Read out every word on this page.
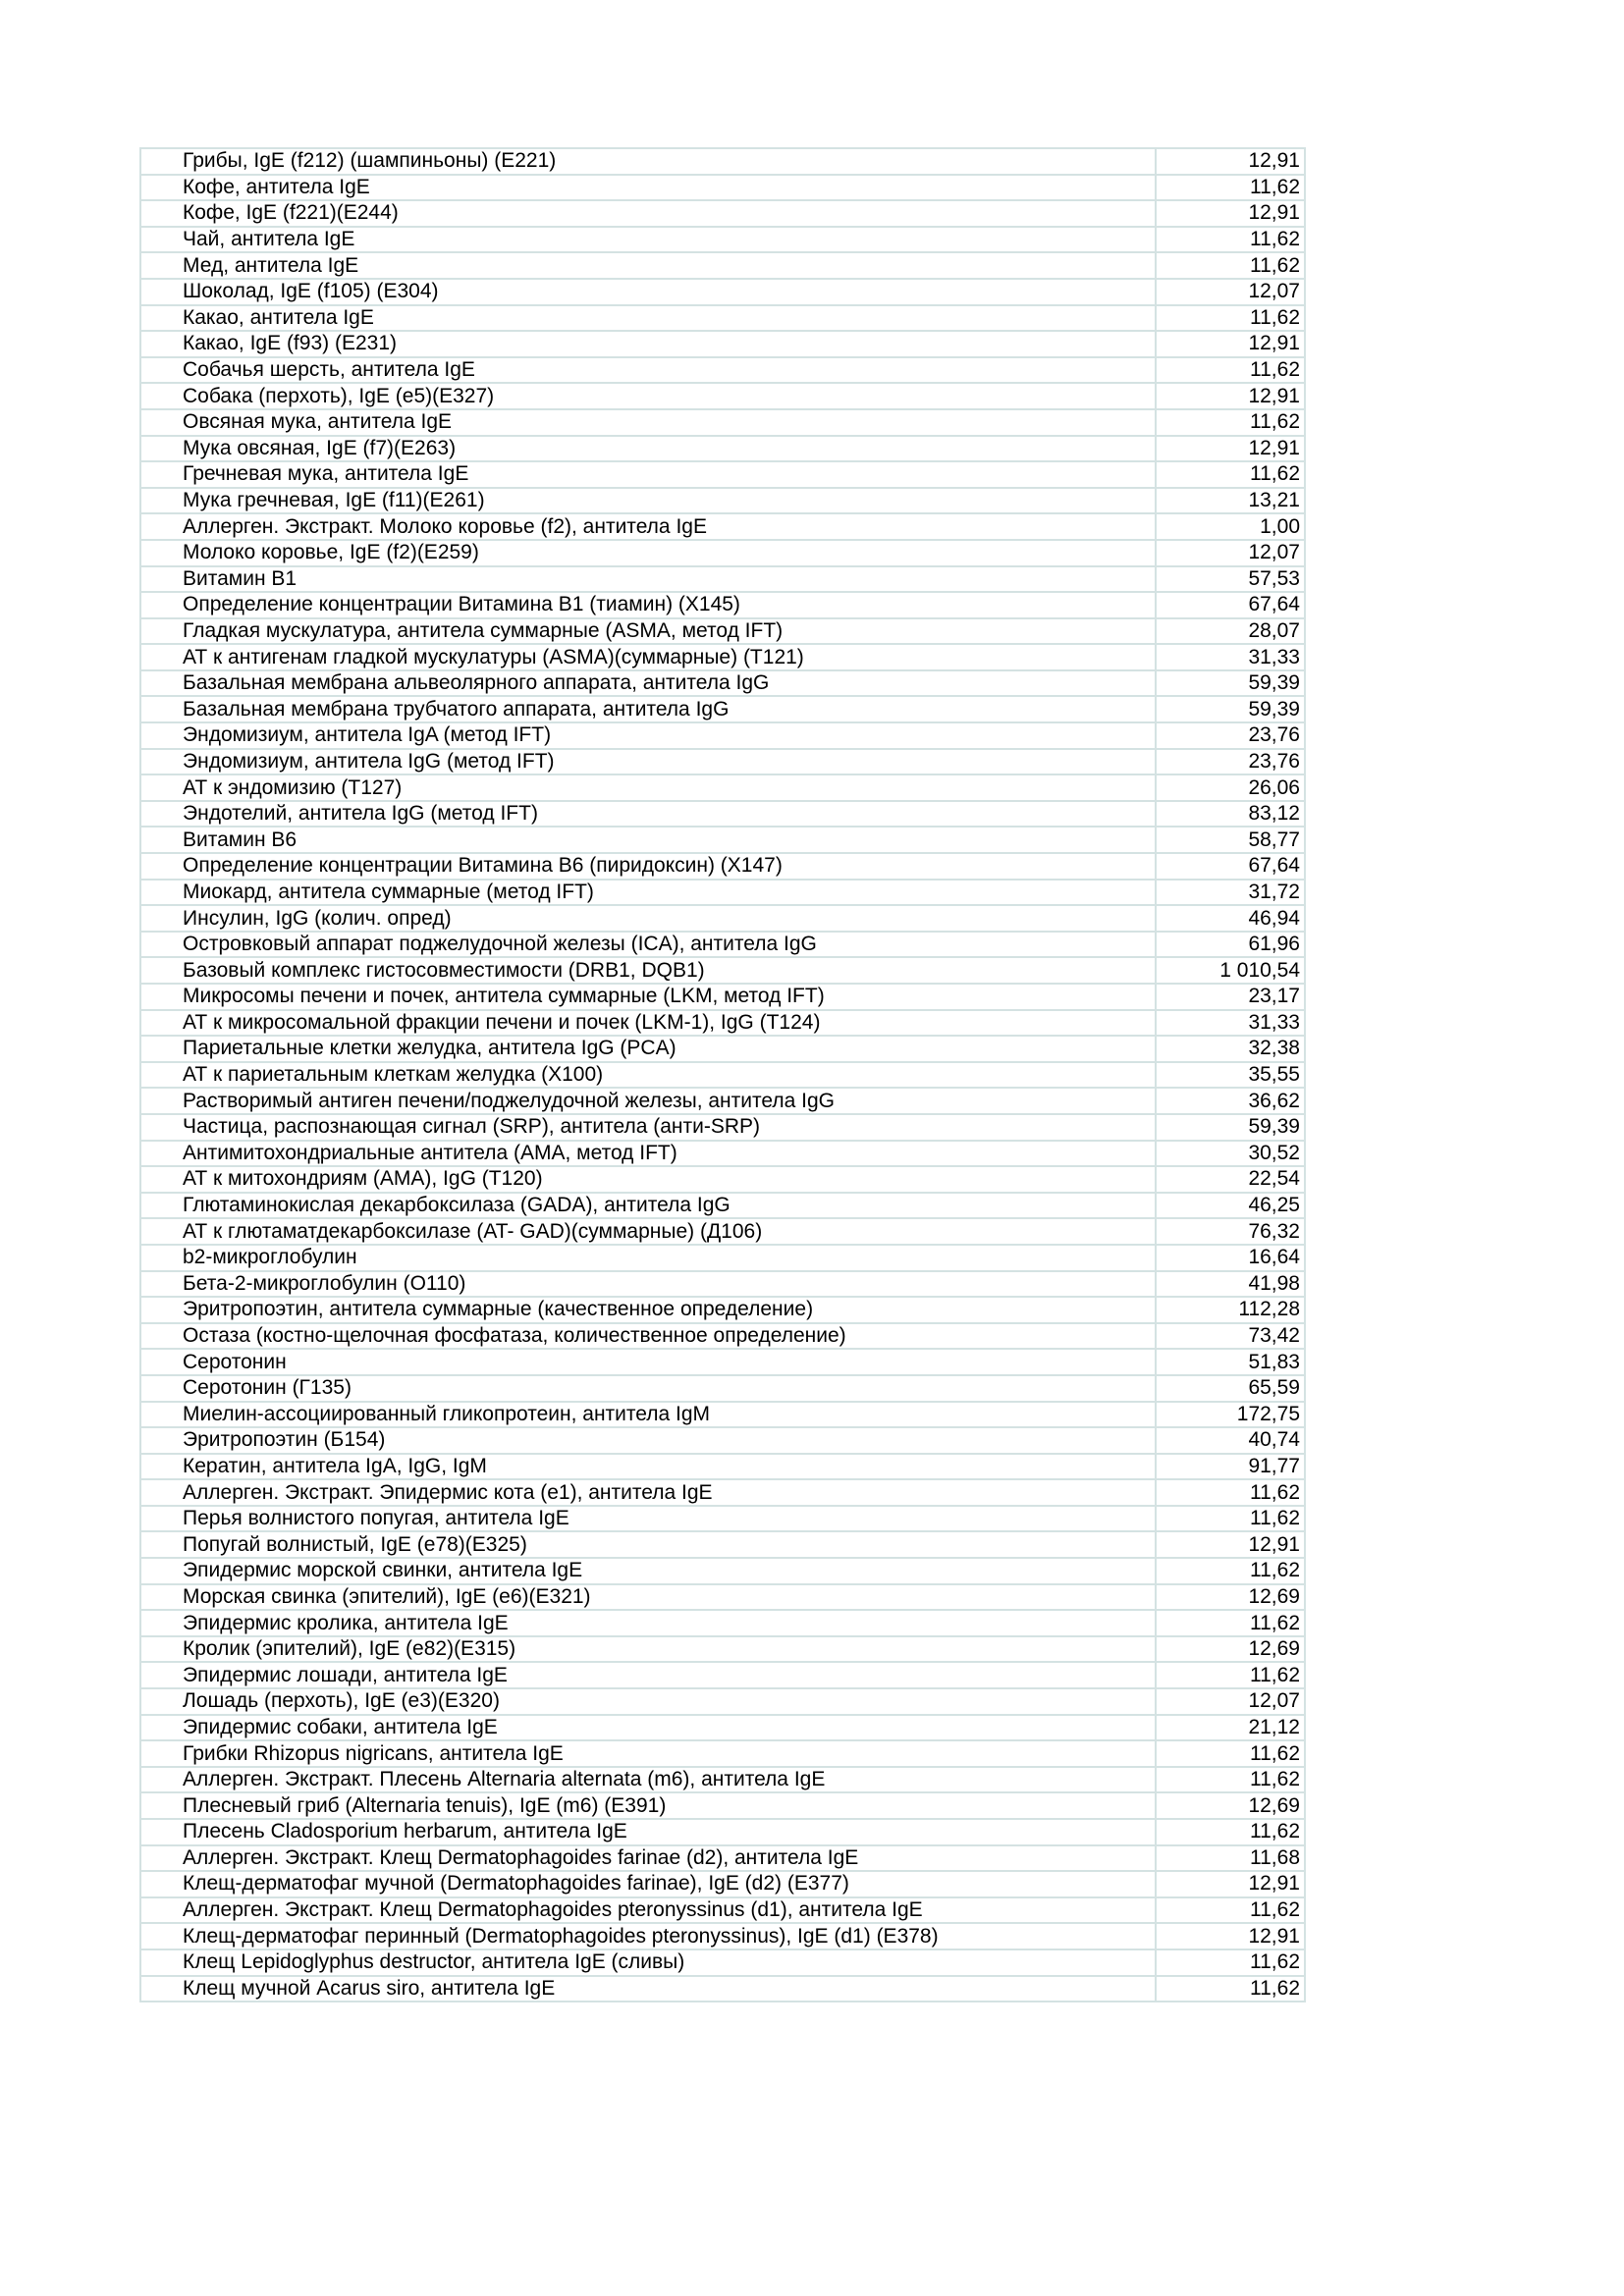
Грибы, IgE (f212) (шампиньоны) (E221)	12,91
Кофе, антитела IgE	11,62
Кофе, IgE (f221)(E244)	12,91
Чай, антитела IgE	11,62
Мед, антитела IgE	11,62
Шоколад, IgE (f105) (E304)	12,07
Какао, антитела IgE	11,62
Какао, IgE (f93) (E231)	12,91
Собачья шерсть, антитела IgE	11,62
Собака (перхоть), IgE (e5)(E327)	12,91
Овсяная мука, антитела IgE	11,62
Мука овсяная, IgE (f7)(E263)	12,91
Гречневая мука, антитела IgE	11,62
Мука гречневая, IgE (f11)(E261)	13,21
Аллерген. Экстракт. Молоко коровье (f2), антитела IgE	1,00
Молоко коровье, IgE (f2)(E259)	12,07
Витамин B1	57,53
Определение концентрации Витамина B1 (тиамин) (X145)	67,64
Гладкая мускулатура, антитела суммарные (ASMA, метод IFT)	28,07
АТ к антигенам гладкой мускулатуры (ASMA)(суммарные) (T121)	31,33
Базальная мембрана альвеолярного аппарата, антитела IgG	59,39
Базальная мембрана трубчатого аппарата, антитела IgG	59,39
Эндомизиум, антитела IgA (метод IFT)	23,76
Эндомизиум, антитела IgG (метод IFT)	23,76
АТ к эндомизию (T127)	26,06
Эндотелий, антитела IgG (метод IFT)	83,12
Витамин B6	58,77
Определение концентрации Витамина B6 (пиридоксин) (X147)	67,64
Миокард, антитела суммарные (метод IFT)	31,72
Инсулин, IgG (колич. опред)	46,94
Островковый аппарат поджелудочной железы (ICA), антитела IgG	61,96
Базовый комплекс гистосовместимости (DRB1, DQB1)	1 010,54
Микросомы печени и почек, антитела суммарные (LKM, метод IFT)	23,17
АТ к микросомальной фракции печени и почек (LKM-1), IgG (T124)	31,33
Париетальные клетки желудка, антитела IgG (PCA)	32,38
АТ к париетальным клеткам желудка (X100)	35,55
Растворимый антиген печени/поджелудочной железы, антитела IgG	36,62
Частица, распознающая сигнал (SRP), антитела (анти-SRP)	59,39
Антимитохондриальные антитела (AMA, метод IFT)	30,52
АТ к митохондриям (AMA), IgG (T120)	22,54
Глютаминокислая декарбоксилаза (GADA), антитела IgG	46,25
АТ к глютаматдекарбоксилазе (AT- GAD)(суммарные) (Д106)	76,32
b2-микроглобулин	16,64
Бета-2-микроглобулин (О110)	41,98
Эритропоэтин, антитела суммарные (качественное определение)	112,28
Остаза (костно-щелочная фосфатаза, количественное определение)	73,42
Серотонин	51,83
Серотонин (Г135)	65,59
Миелин-ассоциированный гликопротеин, антитела IgM	172,75
Эритропоэтин (Б154)	40,74
Кератин, антитела IgA, IgG, IgM	91,77
Аллерген. Экстракт. Эпидермис кота (e1), антитела IgE	11,62
Перья волнистого попугая, антитела IgE	11,62
Попугай волнистый, IgE (e78)(E325)	12,91
Эпидермис морской свинки, антитела IgE	11,62
Морская свинка (эпителий), IgE (e6)(E321)	12,69
Эпидермис кролика, антитела IgE	11,62
Кролик (эпителий), IgE (e82)(E315)	12,69
Эпидермис лошади, антитела IgE	11,62
Лошадь (перхоть), IgE (e3)(E320)	12,07
Эпидермис собаки, антитела IgE	21,12
Грибки Rhizopus nigricans, антитела IgE	11,62
Аллерген. Экстракт. Плесень Alternaria alternata (m6), антитела IgE	11,62
Плесневый гриб (Alternaria tenuis), IgE (m6) (E391)	12,69
Плесень Cladosporium herbarum, антитела IgE	11,62
Аллерген. Экстракт. Клещ Dermatophagoides farinae (d2), антитела IgE	11,68
Клещ-дерматофаг мучной (Dermatophagoides farinae), IgE (d2) (E377)	12,91
Аллерген. Экстракт. Клещ Dermatophagoides pteronyssinus (d1), антитела IgE	11,62
Клещ-дерматофаг перинный (Dermatophagoides pteronyssinus), IgE (d1) (E378)	12,91
Клещ Lepidoglyphus destructor, антитела IgE (сливы)	11,62
Клещ мучной Acarus siro, антитела IgE	11,62
